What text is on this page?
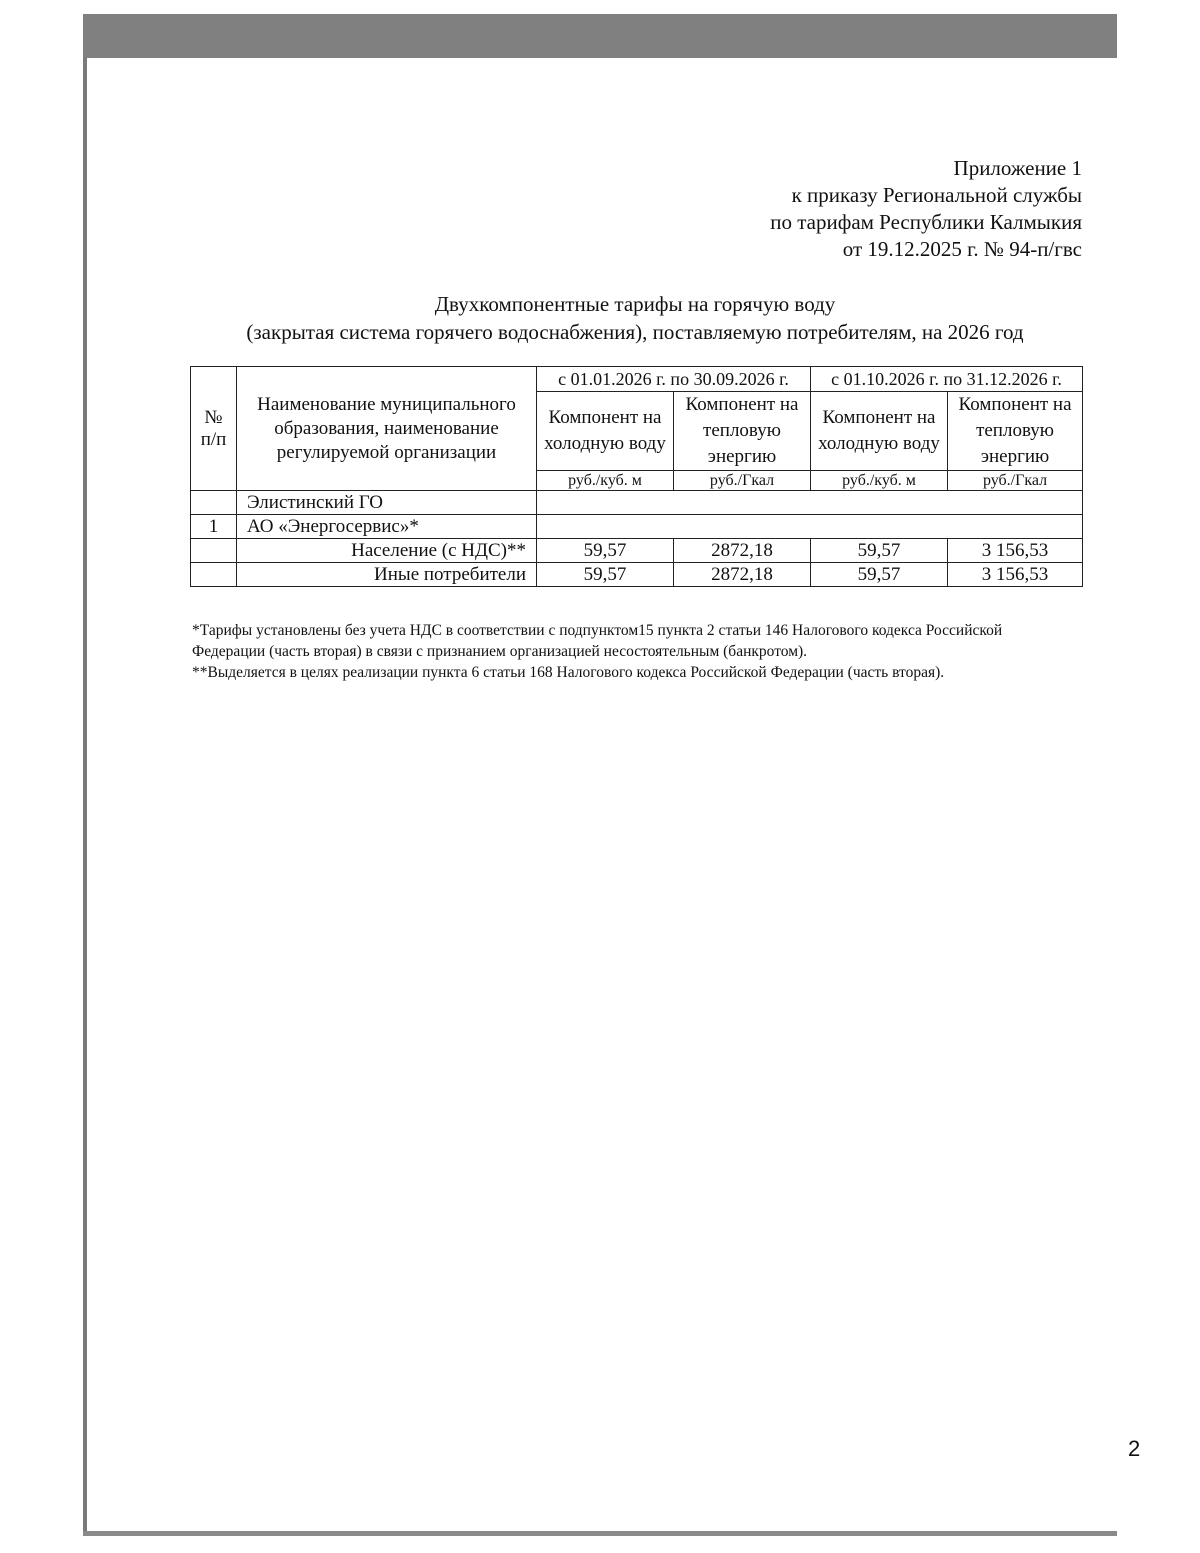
Приложение 1
к приказу Региональной службы
по тарифам Республики Калмыкия
от 19.12.2025 г. № 94-п/гвс
Двухкомпонентные тарифы на горячую воду
(закрытая система горячего водоснабжения), поставляемую потребителям, на 2026 год
№ п/п	Наименование муниципального образования, наименование регулируемой организации	с 01.01.2026 г. по 30.09.2026 г.		с 01.10.2026 г. по 31.12.2026 г.	
		Компонент на холодную воду	Компонент на тепловую энергию	Компонент на холодную воду	Компонент на тепловую энергию
		руб./куб. м	руб./Гкал	руб./куб. м	руб./Гкал
	Элистинский ГО				
1	АО «Энергосервис»*				
	Население (с НДС)**	59,57	2872,18	59,57	3 156,53
	Иные потребители	59,57	2872,18	59,57	3 156,53
*Тарифы установлены без учета НДС в соответствии с подпунктом15 пункта 2 статьи 146 Налогового кодекса Российской Федерации (часть вторая) в связи с признанием организацией несостоятельным (банкротом).
**Выделяется в целях реализации пункта 6 статьи 168 Налогового кодекса Российской Федерации (часть вторая).
2
